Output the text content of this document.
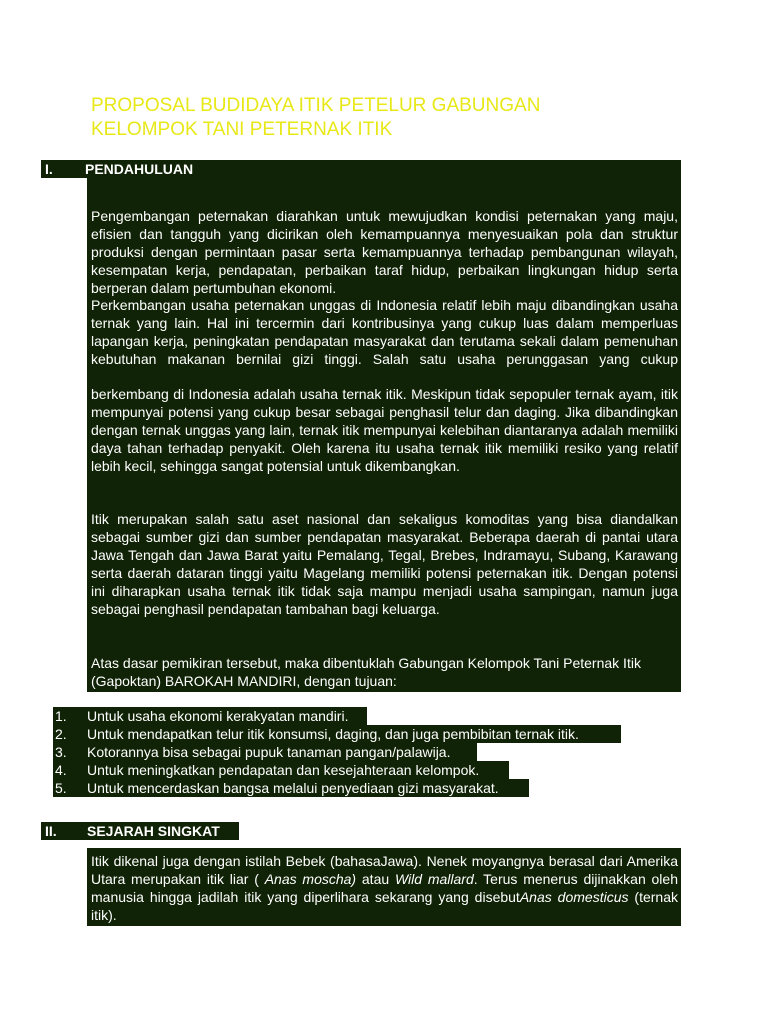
PROPOSAL BUDIDAYA ITIK PETELUR GABUNGAN
KELOMPOK TANI PETERNAK ITIK
I. PENDAHULUAN

Pengembangan peternakan diarahkan untuk mewujudkan kondisi peternakan yang maju, efisien dan tangguh yang dicirikan oleh kemampuannya menyesuaikan pola dan struktur produksi dengan permintaan pasar serta kemampuannya terhadap pembangunan wilayah, kesempatan kerja, pendapatan, perbaikan taraf hidup, perbaikan lingkungan hidup serta berperan dalam pertumbuhan ekonomi.

Perkembangan usaha peternakan unggas di Indonesia relatif lebih maju dibandingkan usaha ternak yang lain. Hal ini tercermin dari kontribusinya yang cukup luas dalam memperluas lapangan kerja, peningkatan pendapatan masyarakat dan terutama sekali dalam pemenuhan kebutuhan makanan bernilai gizi tinggi. Salah satu usaha perunggasan yang cukup

berkembang di Indonesia adalah usaha ternak itik. Meskipun tidak sepopuler ternak ayam, itik mempunyai potensi yang cukup besar sebagai penghasil telur dan daging. Jika dibandingkan dengan ternak unggas yang lain, ternak itik mempunyai kelebihan diantaranya adalah memiliki daya tahan terhadap penyakit. Oleh karena itu usaha ternak itik memiliki resiko yang relatif lebih kecil, sehingga sangat potensial untuk dikembangkan.

Itik merupakan salah satu aset nasional dan sekaligus komoditas yang bisa diandalkan sebagai sumber gizi dan sumber pendapatan masyarakat. Beberapa daerah di pantai utara Jawa Tengah dan Jawa Barat yaitu Pemalang, Tegal, Brebes, Indramayu, Subang, Karawang serta daerah dataran tinggi yaitu Magelang memiliki potensi peternakan itik. Dengan potensi ini diharapkan usaha ternak itik tidak saja mampu menjadi usaha sampingan, namun juga sebagai penghasil pendapatan tambahan bagi keluarga.

Atas dasar pemikiran tersebut, maka dibentuklah Gabungan Kelompok Tani Peternak Itik (Gapoktan) BAROKAH MANDIRI, dengan tujuan:

1. Untuk usaha ekonomi kerakyatan mandiri.
2. Untuk mendapatkan telur itik konsumsi, daging, dan juga pembibitan ternak itik.
3. Kotorannya bisa sebagai pupuk tanaman pangan/palawija.
4. Untuk meningkatkan pendapatan dan kesejahteraan kelompok.
5. Untuk mencerdaskan bangsa melalui penyediaan gizi masyarakat.
II. SEJARAH SINGKAT

Itik dikenal juga dengan istilah Bebek (bahasaJawa). Nenek moyangnya berasal dari Amerika Utara merupakan itik liar ( Anas moscha) atau Wild mallard. Terus menerus dijinakkan oleh manusia hingga jadilah itik yang diperlihara sekarang yang disebutAnas domesticus (ternak itik).
